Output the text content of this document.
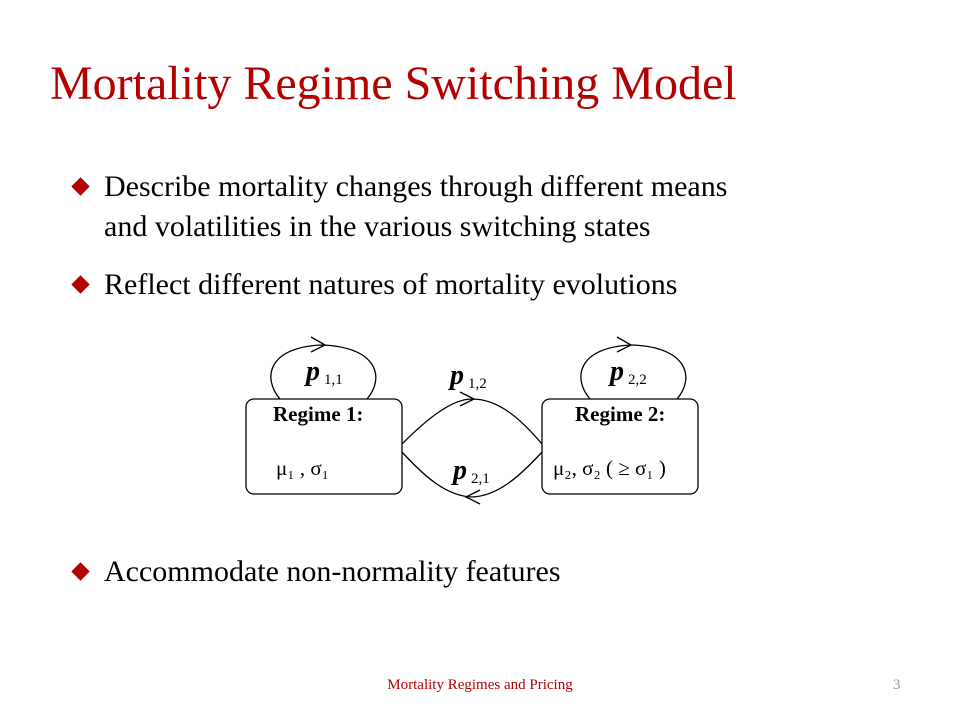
Mortality Regime Switching Model
Describe mortality changes through different means
and volatilities in the various switching states
Reflect different natures of mortality evolutions
Accommodate non-normality features
p 1,1	p 1,2	p 2,2
p 2,1
Regime 1:	Regime 2:
μ₁ , σ₁	μ₂, σ₂ ( ≥ σ₁ )
Mortality Regimes and Pricing	3
